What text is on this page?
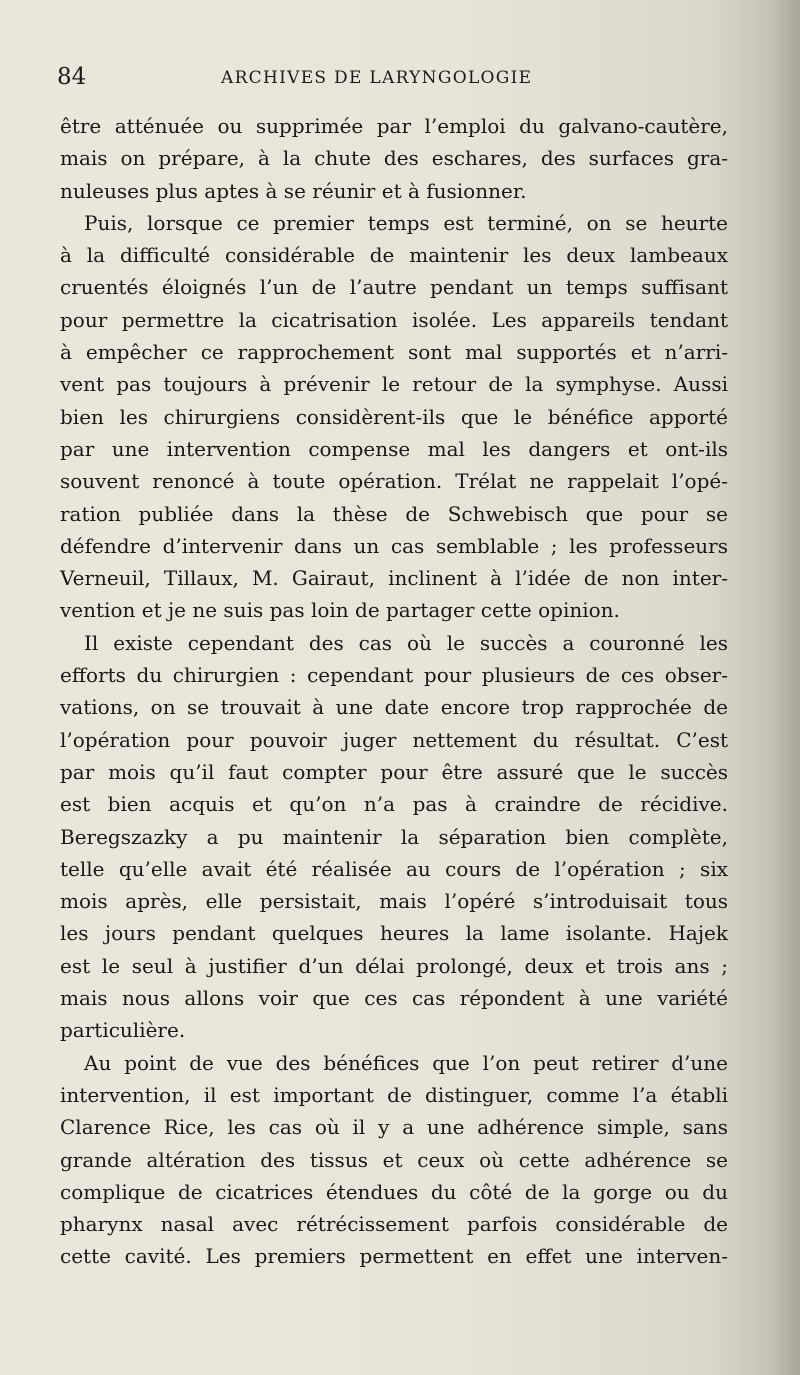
84	ARCHIVES DE LARYNGOLOGIE
être atténuée ou supprimée par l’emploi du galvano-cautère,
mais on prépare, à la chute des eschares, des surfaces gra-
nuleuses plus aptes à se réunir et à fusionner.
Puis, lorsque ce premier temps est terminé, on se heurte
à la difficulté considérable de maintenir les deux lambeaux
cruentés éloignés l’un de l’autre pendant un temps suffisant
pour permettre la cicatrisation isolée. Les appareils tendant
à empêcher ce rapprochement sont mal supportés et n’arri-
vent pas toujours à prévenir le retour de la symphyse. Aussi
bien les chirurgiens considèrent-ils que le bénéfice apporté
par une intervention compense mal les dangers et ont-ils
souvent renoncé à toute opération. Trélat ne rappelait l’opé-
ration publiée dans la thèse de Schwebisch que pour se
défendre d’intervenir dans un cas semblable ; les professeurs
Verneuil, Tillaux, M. Gairaut, inclinent à l’idée de non inter-
vention et je ne suis pas loin de partager cette opinion.
Il existe cependant des cas où le succès a couronné les
efforts du chirurgien : cependant pour plusieurs de ces obser-
vations, on se trouvait à une date encore trop rapprochée de
l’opération pour pouvoir juger nettement du résultat. C’est
par mois qu’il faut compter pour être assuré que le succès
est bien acquis et qu’on n’a pas à craindre de récidive.
Beregszazky a pu maintenir la séparation bien complète,
telle qu’elle avait été réalisée au cours de l’opération ; six
mois après, elle persistait, mais l’opéré s’introduisait tous
les jours pendant quelques heures la lame isolante. Hajek
est le seul à justifier d’un délai prolongé, deux et trois ans ;
mais nous allons voir que ces cas répondent à une variété
particulière.
Au point de vue des bénéfices que l’on peut retirer d’une
intervention, il est important de distinguer, comme l’a établi
Clarence Rice, les cas où il y a une adhérence simple, sans
grande altération des tissus et ceux où cette adhérence se
complique de cicatrices étendues du côté de la gorge ou du
pharynx nasal avec rétrécissement parfois considérable de
cette cavité. Les premiers permettent en effet une interven-
